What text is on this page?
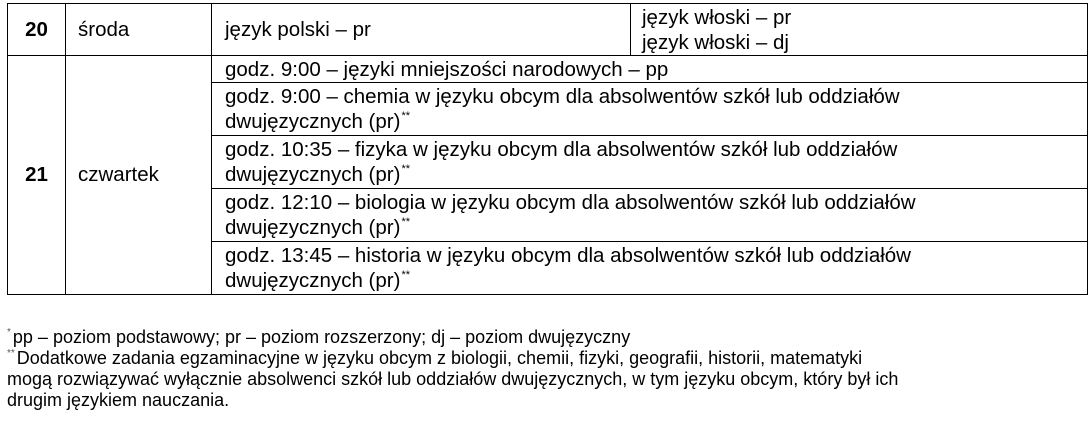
20	środa	język polski – pr	język włoski – pr
język włoski – dj

21	czwartek	godz. 9:00 – języki mniejszości narodowych – pp	
		godz. 9:00 – chemia w języku obcym dla absolwentów szkół lub oddziałów
dwujęzycznych (pr)**
		godz. 10:35 – fizyka w języku obcym dla absolwentów szkół lub oddziałów
dwujęzycznych (pr)**
		godz. 12:10 – biologia w języku obcym dla absolwentów szkół lub oddziałów
dwujęzycznych (pr)**
		godz. 13:45 – historia w języku obcym dla absolwentów szkół lub oddziałów
dwujęzycznych (pr)**

* pp – poziom podstawowy; pr – poziom rozszerzony; dj – poziom dwujęzyczny

** Dodatkowe zadania egzaminacyjne w języku obcym z biologii, chemii, fizyki, geografii, historii, matematyki

mogą rozwiązywać wyłącznie absolwenci szkół lub oddziałów dwujęzycznych, w tym języku obcym, który był ich

drugim językiem nauczania.
